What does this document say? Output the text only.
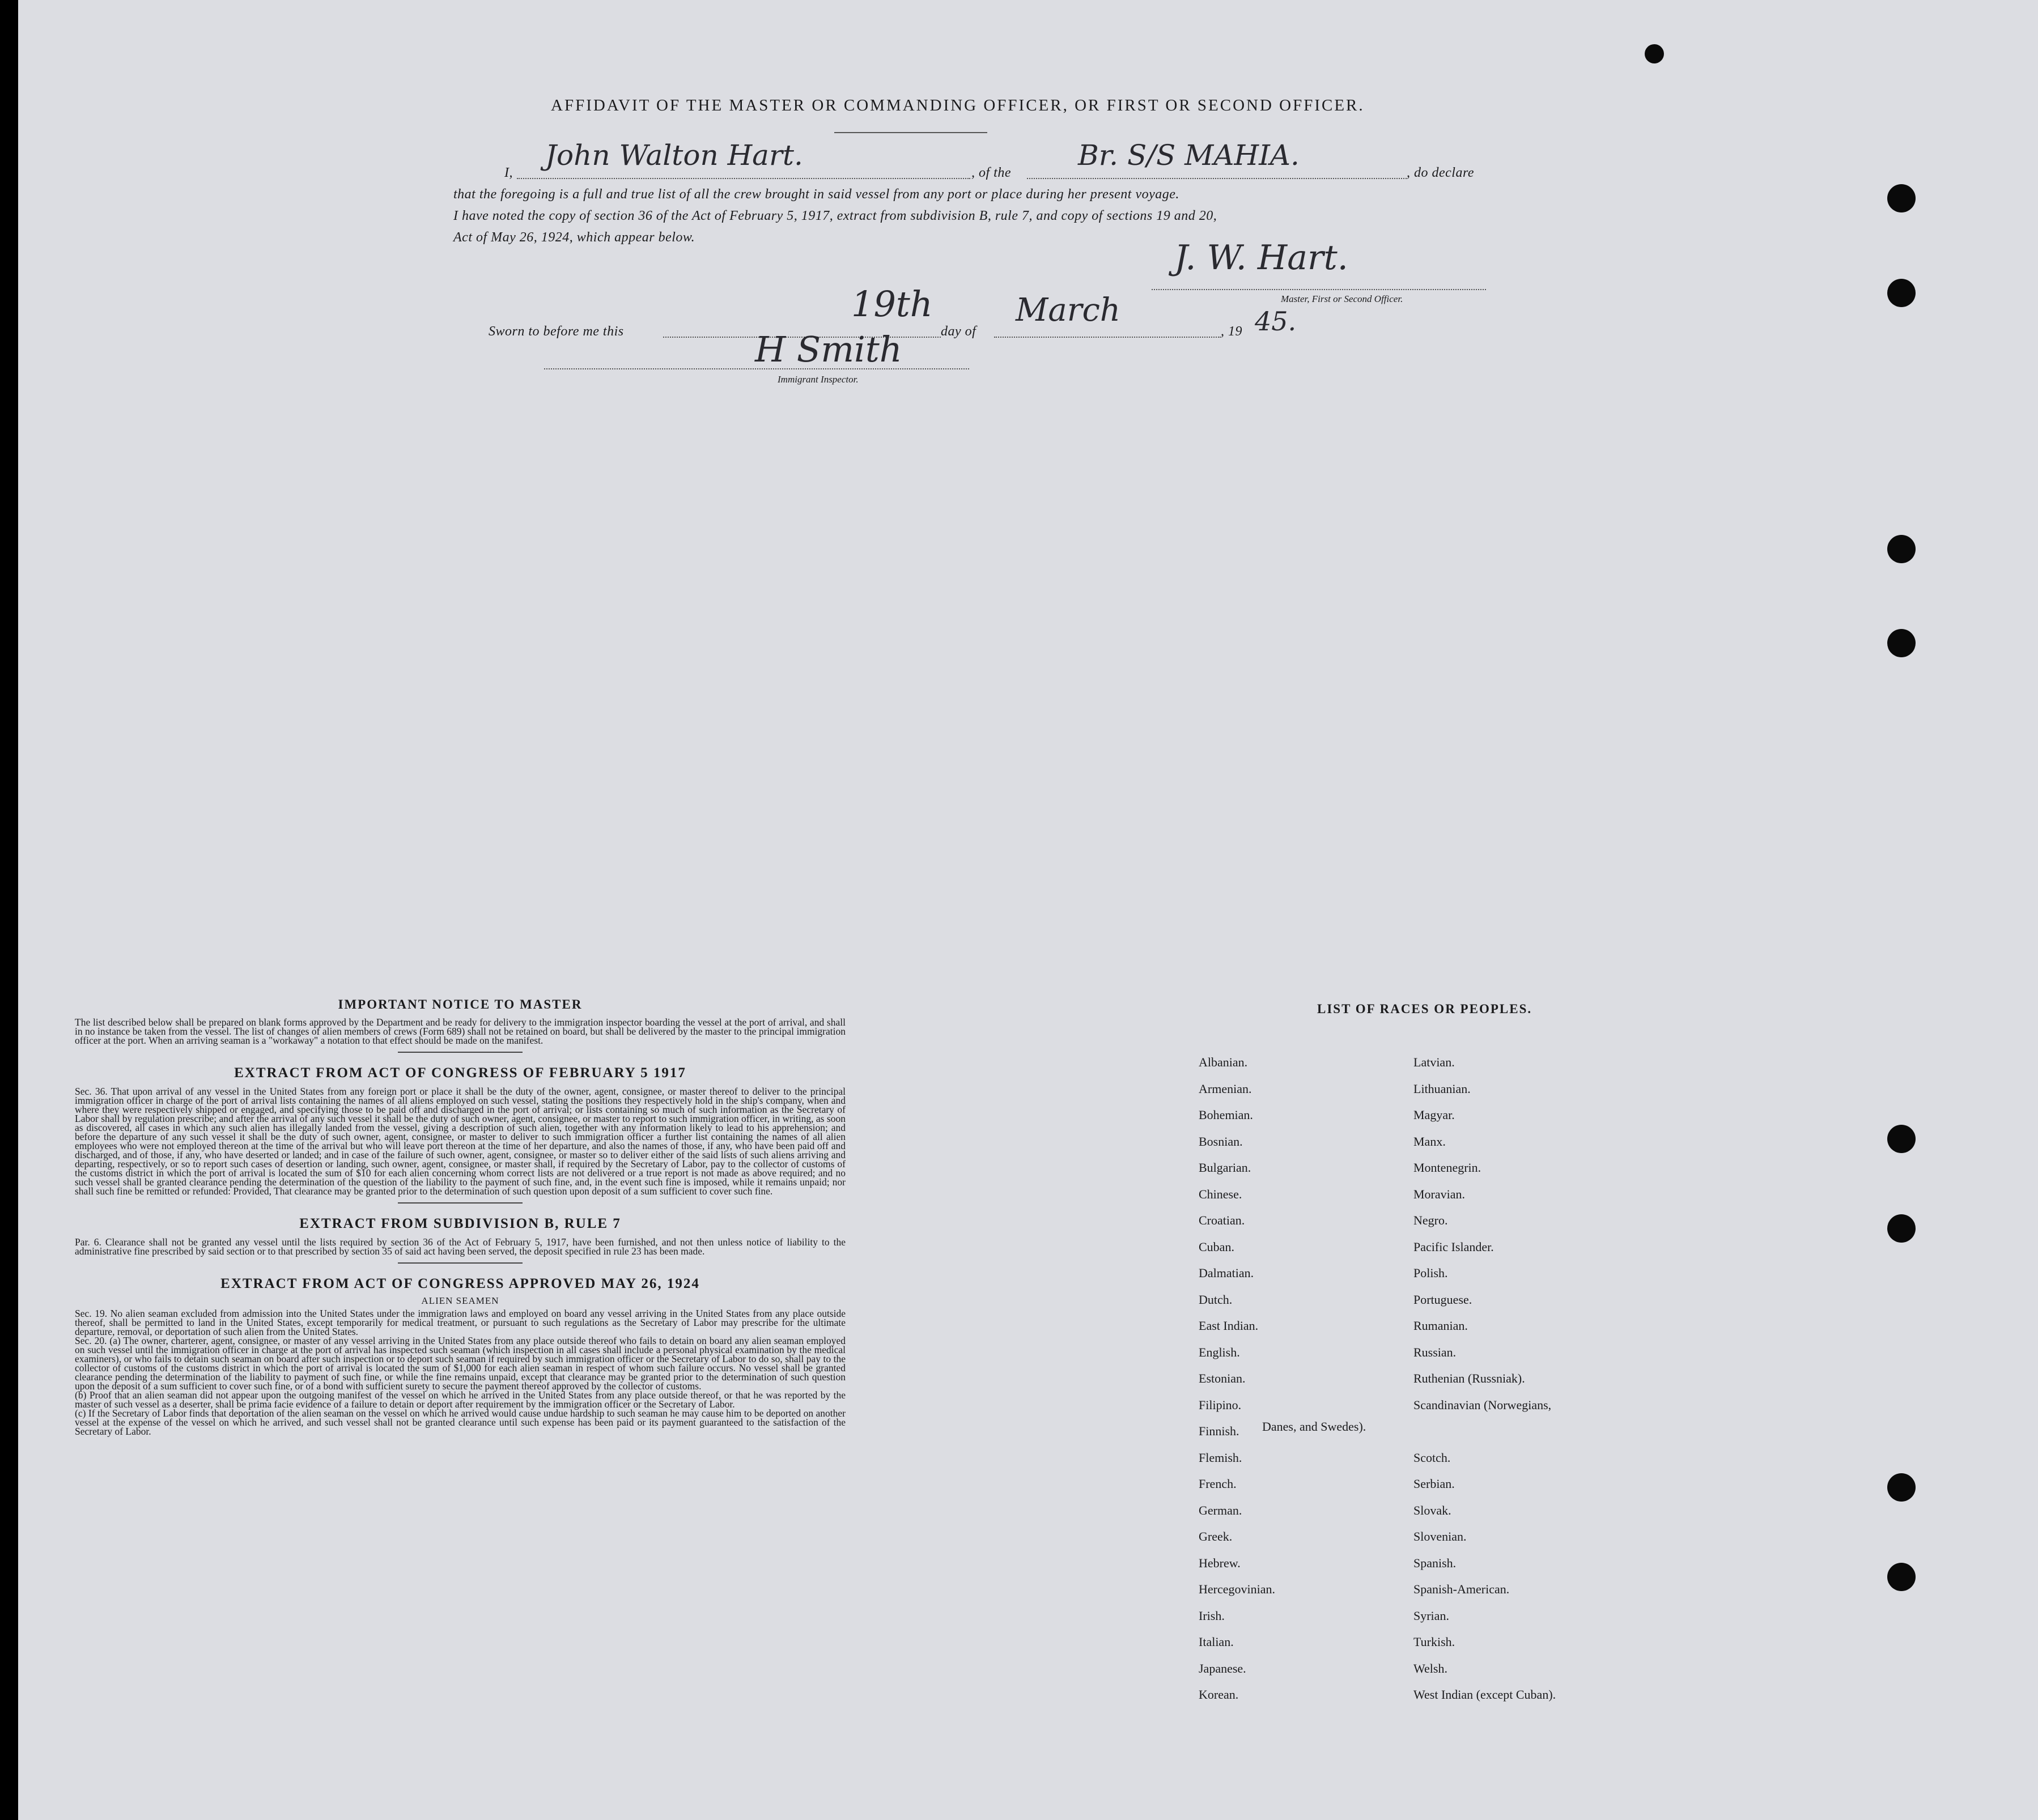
AFFIDAVIT OF THE MASTER OR COMMANDING OFFICER, OR FIRST OR SECOND OFFICER.
I,
John Walton Hart.
, of the
Br. S/S MAHIA.
, do declare
that the foregoing is a full and true list of all the crew brought in said vessel from any port or place during her present voyage.
I have noted the copy of section 36 of the Act of February 5, 1917, extract from subdivision B, rule 7, and copy of sections 19 and 20,
Act of May 26, 1924, which appear below.
J. W. Hart.
Master, First or Second Officer.
Sworn to before me this
19th
day of
March
, 19 45.
H Smith
Immigrant Inspector.

IMPORTANT NOTICE TO MASTER

The list described below shall be prepared on blank forms approved by the Department and be ready for delivery to the immigration inspector boarding the vessel at the port of arrival, and shall in no instance be taken from the vessel. The list of changes of alien members of crews (Form 689) shall not be retained on board, but shall be delivered by the master to the principal immigration officer at the port. When an arriving seaman is a "workaway" a notation to that effect should be made on the manifest.

EXTRACT FROM ACT OF CONGRESS OF FEBRUARY 5 1917

Sec. 36. That upon arrival of any vessel in the United States from any foreign port or place it shall be the duty of the owner, agent, consignee, or master thereof to deliver to the principal immigration officer in charge of the port of arrival lists containing the names of all aliens employed on such vessel, stating the positions they respectively hold in the ship's company, when and where they were respectively shipped or engaged, and specifying those to be paid off and discharged in the port of arrival; or lists containing so much of such information as the Secretary of Labor shall by regulation prescribe; and after the arrival of any such vessel it shall be the duty of such owner, agent, consignee, or master to report to such immigration officer, in writing, as soon as discovered, all cases in which any such alien has illegally landed from the vessel, giving a description of such alien, together with any information likely to lead to his apprehension; and before the departure of any such vessel it shall be the duty of such owner, agent, consignee, or master to deliver to such immigration officer a further list containing the names of all alien employees who were not employed thereon at the time of the arrival but who will leave port thereon at the time of her departure, and also the names of those, if any, who have been paid off and discharged, and of those, if any, who have deserted or landed; and in case of the failure of such owner, agent, consignee, or master so to deliver either of the said lists of such aliens arriving and departing, respectively, or so to report such cases of desertion or landing, such owner, agent, consignee, or master shall, if required by the Secretary of Labor, pay to the collector of customs of the customs district in which the port of arrival is located the sum of $10 for each alien concerning whom correct lists are not delivered or a true report is not made as above required; and no such vessel shall be granted clearance pending the determination of the question of the liability to the payment of such fine, and, in the event such fine is imposed, while it remains unpaid; nor shall such fine be remitted or refunded: Provided, That clearance may be granted prior to the determination of such question upon deposit of a sum sufficient to cover such fine.

EXTRACT FROM SUBDIVISION B, RULE 7

Par. 6. Clearance shall not be granted any vessel until the lists required by section 36 of the Act of February 5, 1917, have been furnished, and not then unless notice of liability to the administrative fine prescribed by said section or to that prescribed by section 35 of said act having been served, the deposit specified in rule 23 has been made.

EXTRACT FROM ACT OF CONGRESS APPROVED MAY 26, 1924

ALIEN SEAMEN

Sec. 19. No alien seaman excluded from admission into the United States under the immigration laws and employed on board any vessel arriving in the United States from any place outside thereof, shall be permitted to land in the United States, except temporarily for medical treatment, or pursuant to such regulations as the Secretary of Labor may prescribe for the ultimate departure, removal, or deportation of such alien from the United States.

Sec. 20. (a) The owner, charterer, agent, consignee, or master of any vessel arriving in the United States from any place outside thereof who fails to detain on board any alien seaman employed on such vessel until the immigration officer in charge at the port of arrival has inspected such seaman (which inspection in all cases shall include a personal physical examination by the medical examiners), or who fails to detain such seaman on board after such inspection or to deport such seaman if required by such immigration officer or the Secretary of Labor to do so, shall pay to the collector of customs of the customs district in which the port of arrival is located the sum of $1,000 for each alien seaman in respect of whom such failure occurs. No vessel shall be granted clearance pending the determination of the liability to payment of such fine, or while the fine remains unpaid, except that clearance may be granted prior to the determination of such question upon the deposit of a sum sufficient to cover such fine, or of a bond with sufficient surety to secure the payment thereof approved by the collector of customs.

(b) Proof that an alien seaman did not appear upon the outgoing manifest of the vessel on which he arrived in the United States from any place outside thereof, or that he was reported by the master of such vessel as a deserter, shall be prima facie evidence of a failure to detain or deport after requirement by the immigration officer or the Secretary of Labor.

(c) If the Secretary of Labor finds that deportation of the alien seaman on the vessel on which he arrived would cause undue hardship to such seaman he may cause him to be deported on another vessel at the expense of the vessel on which he arrived, and such vessel shall not be granted clearance until such expense has been paid or its payment guaranteed to the satisfaction of the Secretary of Labor.

LIST OF RACES OR PEOPLES.
Albanian.
Armenian.
Bohemian.
Bosnian.
Bulgarian.
Chinese.
Croatian.
Cuban.
Dalmatian.
Dutch.
East Indian.
English.
Estonian.
Filipino.
Finnish.
Flemish.
French.
German.
Greek.
Hebrew.
Hercegovinian.
Irish.
Italian.
Japanese.
Korean.
Latvian.
Lithuanian.
Magyar.
Manx.
Montenegrin.
Moravian.
Negro.
Pacific Islander.
Polish.
Portuguese.
Rumanian.
Russian.
Ruthenian (Russniak).
Scandinavian (Norwegians,
Danes, and Swedes).
Scotch.
Serbian.
Slovak.
Slovenian.
Spanish.
Spanish-American.
Syrian.
Turkish.
Welsh.
West Indian (except Cuban).
